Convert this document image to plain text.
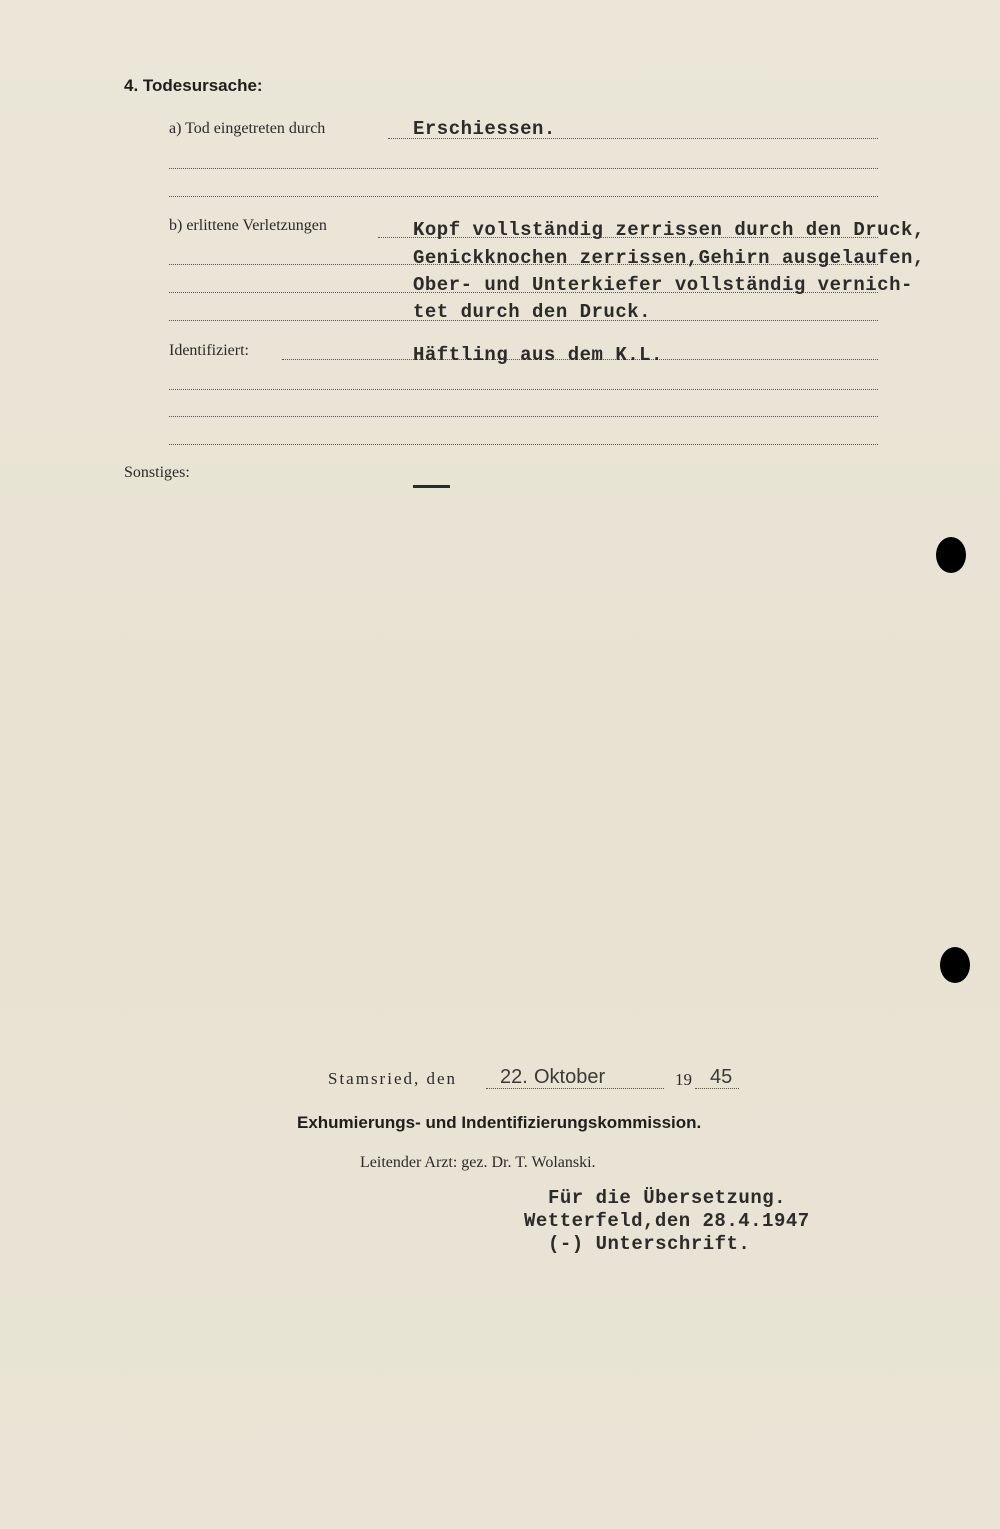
4. Todesursache:
a) Tod eingetreten durch	Erschiessen.
b) erlittene Verletzungen	Kopf vollständig zerrissen durch den Druck,
Genickknochen zerrissen,Gehirn ausgelaufen,
Ober- und Unterkiefer vollständig vernich-
tet durch den Druck.
Identifiziert:	Häftling aus dem K.L.
Sonstiges:
Stamsried, den 22. Oktober	19 45
Exhumierungs- und Indentifizierungskommission.
Leitender Arzt: gez. Dr. T. Wolanski.
Für die Übersetzung.
Wetterfeld,den 28.4.1947
(-) Unterschrift.
